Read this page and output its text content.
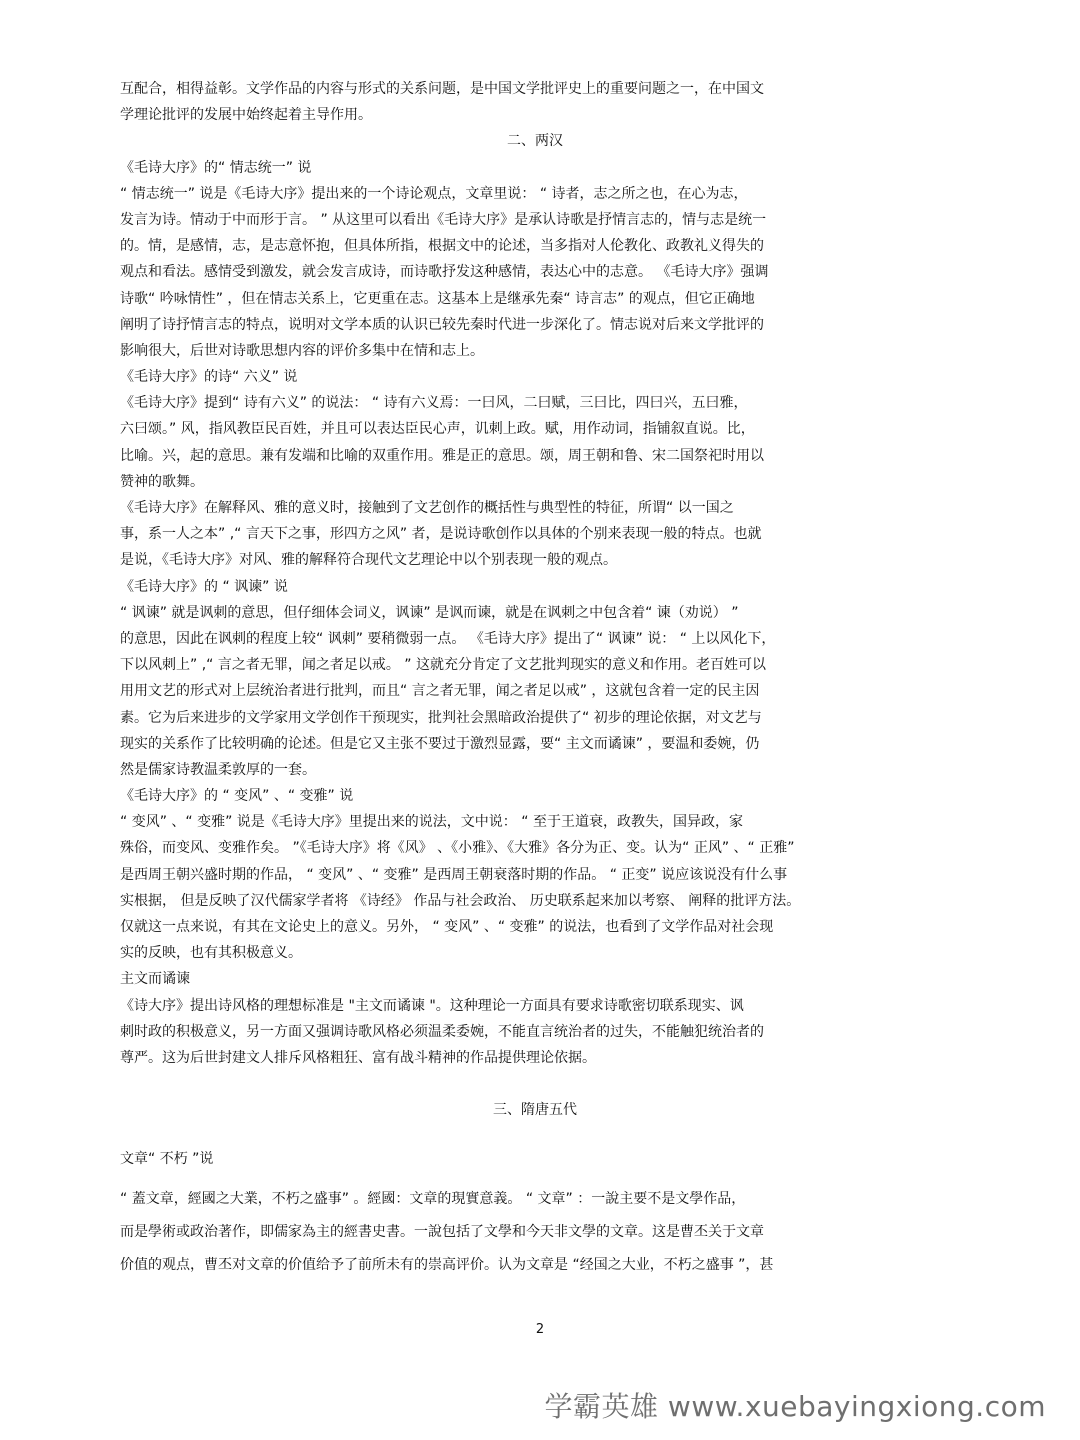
互配合，相得益彰。文学作品的内容与形式的关系问题，是中国文学批评史上的重要问题之一，在中国文
学理论批评的发展中始终起着主导作用。
二、两汉
《毛诗大序》的“ 情志统一” 说
“ 情志统一” 说是《毛诗大序》提出来的一个诗论观点，文章里说： “ 诗者，志之所之也，在心为志，
发言为诗。情动于中而形于言。 ” 从这里可以看出《毛诗大序》是承认诗歌是抒情言志的，情与志是统一
的。情，是感情，志，是志意怀抱，但具体所指，根据文中的论述，当多指对人伦教化、政教礼义得失的
观点和看法。感情受到激发，就会发言成诗，而诗歌抒发这种感情，表达心中的志意。 《毛诗大序》强调
诗歌“ 吟咏情性” ，但在情志关系上，它更重在志。这基本上是继承先秦“ 诗言志” 的观点，但它正确地
阐明了诗抒情言志的特点，说明对文学本质的认识已较先秦时代进一步深化了。情志说对后来文学批评的
影响很大，后世对诗歌思想内容的评价多集中在情和志上。
《毛诗大序》的诗“ 六义” 说
《毛诗大序》提到“ 诗有六义” 的说法： “ 诗有六义焉：一曰风，二曰赋，三曰比，四曰兴，五曰雅，
六曰颂。” 风，指风教臣民百姓，并且可以表达臣民心声，讥刺上政。赋，用作动词，指铺叙直说。比，
比喻。兴，起的意思。兼有发端和比喻的双重作用。雅是正的意思。颂，周王朝和鲁、宋二国祭祀时用以
赞神的歌舞。
《毛诗大序》在解释风、雅的意义时，接触到了文艺创作的概括性与典型性的特征，所谓“ 以一国之
事，系一人之本” ,“ 言天下之事，形四方之风” 者，是说诗歌创作以具体的个别来表现一般的特点。也就
是说，《毛诗大序》对风、雅的解释符合现代文艺理论中以个别表现一般的观点。
《毛诗大序》的 “ 讽谏” 说
“ 讽谏” 就是讽刺的意思，但仔细体会词义，讽谏” 是讽而谏，就是在讽刺之中包含着“ 谏（劝说） ”
的意思，因此在讽刺的程度上较“ 讽刺” 要稍微弱一点。 《毛诗大序》提出了“ 讽谏” 说： “ 上以风化下，
下以风刺上” ,“ 言之者无罪，闻之者足以戒。 ” 这就充分肯定了文艺批判现实的意义和作用。老百姓可以
用用文艺的形式对上层统治者进行批判，而且“ 言之者无罪，闻之者足以戒” ，这就包含着一定的民主因
素。它为后来进步的文学家用文学创作干预现实，批判社会黑暗政治提供了“ 初步的理论依据，对文艺与
现实的关系作了比较明确的论述。但是它又主张不要过于激烈显露，要“ 主文而谲谏” ，要温和委婉，仍
然是儒家诗教温柔敦厚的一套。
《毛诗大序》的 “ 变风” 、“ 变雅” 说
“ 变风” 、“ 变雅” 说是《毛诗大序》里提出来的说法，文中说： “ 至于王道衰，政教失，国异政，家
殊俗，而变风、变雅作矣。 ”《毛诗大序》将《风》 、《小雅》、《大雅》各分为正、变。认为“ 正风” 、“ 正雅”
是西周王朝兴盛时期的作品， “ 变风” 、“ 变雅” 是西周王朝衰落时期的作品。 “ 正变” 说应该说没有什么事
实根据， 但是反映了汉代儒家学者将 《诗经》 作品与社会政治、 历史联系起来加以考察、 阐释的批评方法。
仅就这一点来说，有其在文论史上的意义。另外， “ 变风” 、“ 变雅” 的说法，也看到了文学作品对社会现
实的反映，也有其积极意义。
主文而谲谏
《诗大序》提出诗风格的理想标准是 "主文而谲谏 "。这种理论一方面具有要求诗歌密切联系现实、讽
刺时政的积极意义，另一方面又强调诗歌风格必须温柔委婉，不能直言统治者的过失，不能触犯统治者的
尊严。这为后世封建文人排斥风格粗狂、富有战斗精神的作品提供理论依据。
三、隋唐五代
文章“ 不朽 ”说
“ 蓋文章，經國之大業，不朽之盛事” 。經國：文章的現實意義。 “ 文章” ：一說主要不是文學作品，
而是學術或政治著作，即儒家為主的經書史書。一說包括了文學和今天非文學的文章。这是曹丕关于文章
价值的观点，曹丕对文章的价值给予了前所未有的崇高评价。认为文章是 “经国之大业，不朽之盛事 ”，甚
2
学霸英雄 www.xuebayingxiong.com
